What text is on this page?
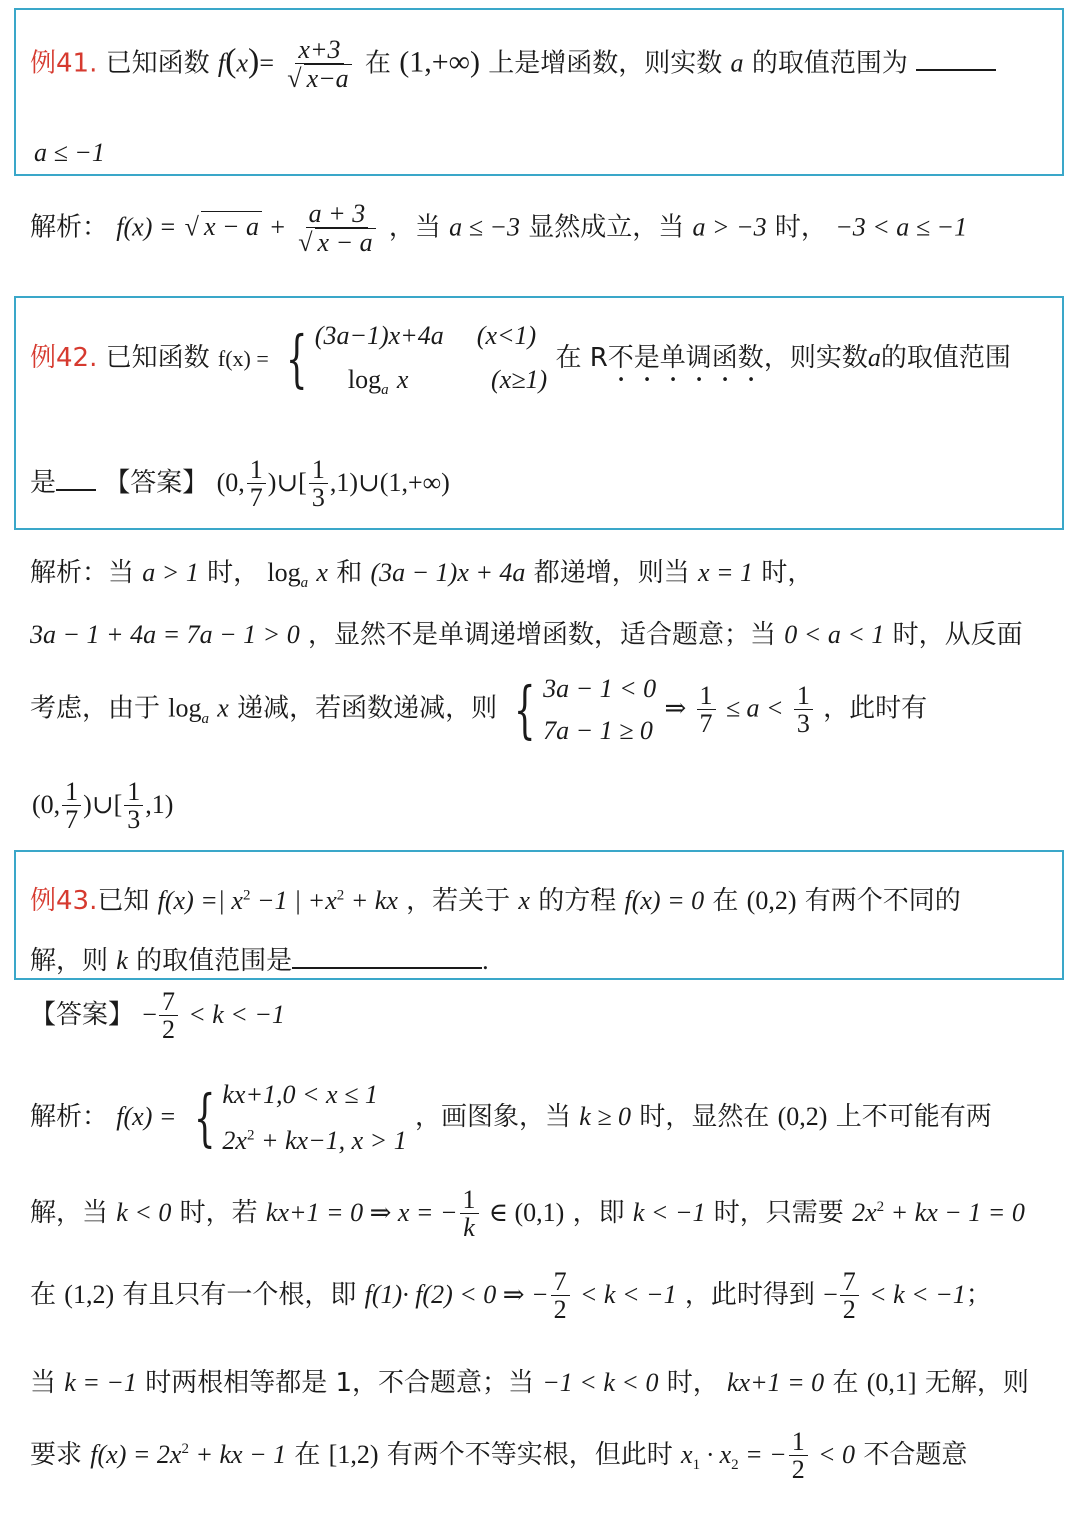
例41. 已知函数 $f(x)= \frac{x+3}{√ x-a}$ 在 (1,+∞) 上是增函数，则实数 a 的取值范围为
a ≤ −1
解析： f(x) = √ $x - a + \frac{a + 3}{√ x - a}$ ，当 a ≤ −3 显然成立，当 a > −3 时， −3 < a ≤ −1
例42. 已知函数 f(x) = { (3a−1)x+4a (x<1)
$\log_a x$	(x≥1)
在 R不是单调函数，则实数a的取值范围
是 【答案】 (0, $\frac{1}{7}$ )∪[ $\frac{1}{3}$ ,1)∪(1,+∞)
解析：当 a > 1 时， $\log_a x$ 和 (3a − 1)x + 4a 都递增，则当 x = 1 时，
3a − 1 + 4a = 7a − 1 > 0 ，显然不是单调递增函数，适合题意；当 0 < a < 1 时，从反面
考虑，由于 $\log_a x$ 递减，若函数递减，则 { 3a − 1 < 0
7a − 1 ≥ 0
⇒ $\frac{1}{7} \le a < \frac{1}{3}$ ，此时有
(0, $\frac{1}{7}$ )∪[ $\frac{1}{3} ,1$)
例43.已知 f(x) =| $x^2 -1$ | $+x^2$ + kx ，若关于 x 的方程 f(x) = 0 在 (0,2) 有两个不同的
解，则 k 的取值范围是	.
【答案】 − $\frac{7}{2} < k < -1$
解析： f(x) = { kx+1,0 < x ≤ 1
$2x^2 + kx-1$, x > 1
，画图象，当 k ≥ 0 时，显然在 (0,2) 上不可能有两
解，当 k < 0 时，若 kx+1 = 0 ⇒ x = − $\frac{1}{k}$ ∈ (0,1) ，即 k < −1 时，只需要 $2x^2$ + kx − 1 = 0
在 (1,2) 有且只有一个根，即 f(1)· f(2) < 0 ⇒ − $\frac{7}{2} < k < -1$ ，此时得到 − $\frac{7}{2} < k < -1$；
当 k = −1 时两根相等都是 1，不合题意；当 −1 < k < 0 时， kx+1 = 0 在 (0,1] 无解，则
要求 $f(x) = 2x^2$ + kx − 1 在 [1,2) 有两个不等实根，但此时 $x_1 \cdot x_2$ = − $\frac{1}{2} < 0$ 不合题意
